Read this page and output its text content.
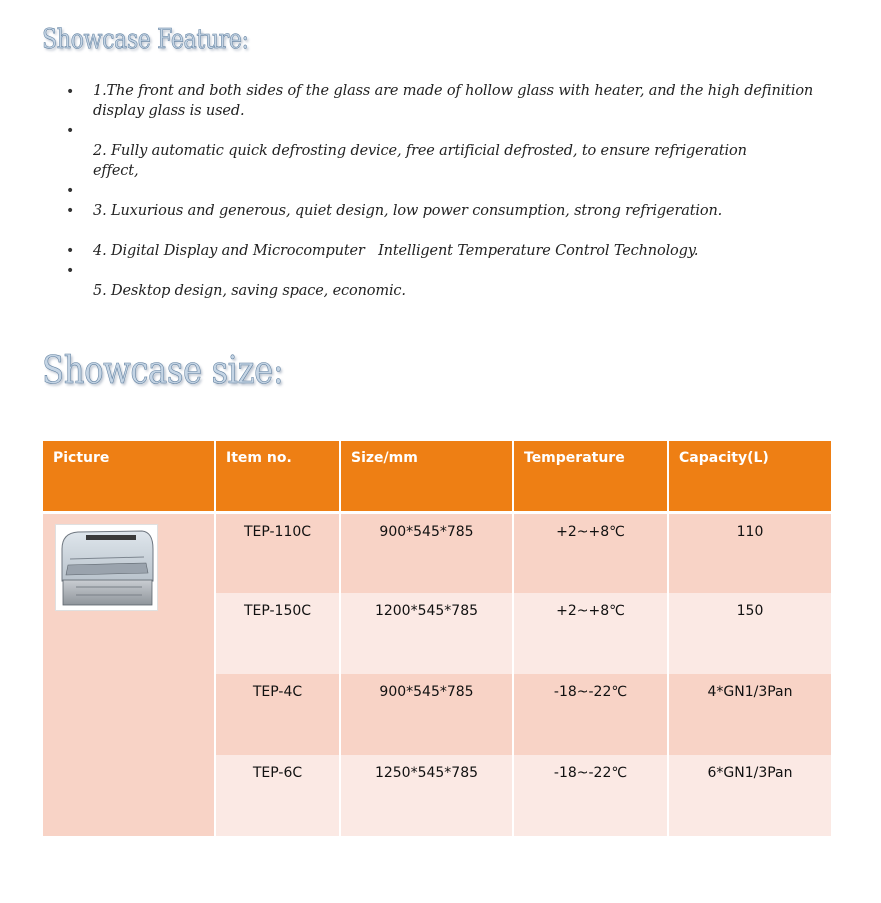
Showcase Feature:
•
•
•
•
•
•

1.The front and both sides of the glass are made of hollow glass with heater, and the high definition display glass is used.

2. Fully automatic quick defrosting device, free artificial defrosted, to ensure refrigeration effect,

3. Luxurious and generous, quiet design, low power consumption, strong refrigeration.

4. Digital Display and Microcomputer   Intelligent Temperature Control Technology.

5. Desktop design, saving space, economic.

Showcase size:
Picture	Item no.	Size/mm	Temperature	Capacity(L)

	TEP-110C	900*545*785	+2~+8℃	110
	TEP-150C	1200*545*785	+2~+8℃	150
	TEP-4C	900*545*785	-18~-22℃	4*GN1/3Pan
	TEP-6C	1250*545*785	-18~-22℃	6*GN1/3Pan
